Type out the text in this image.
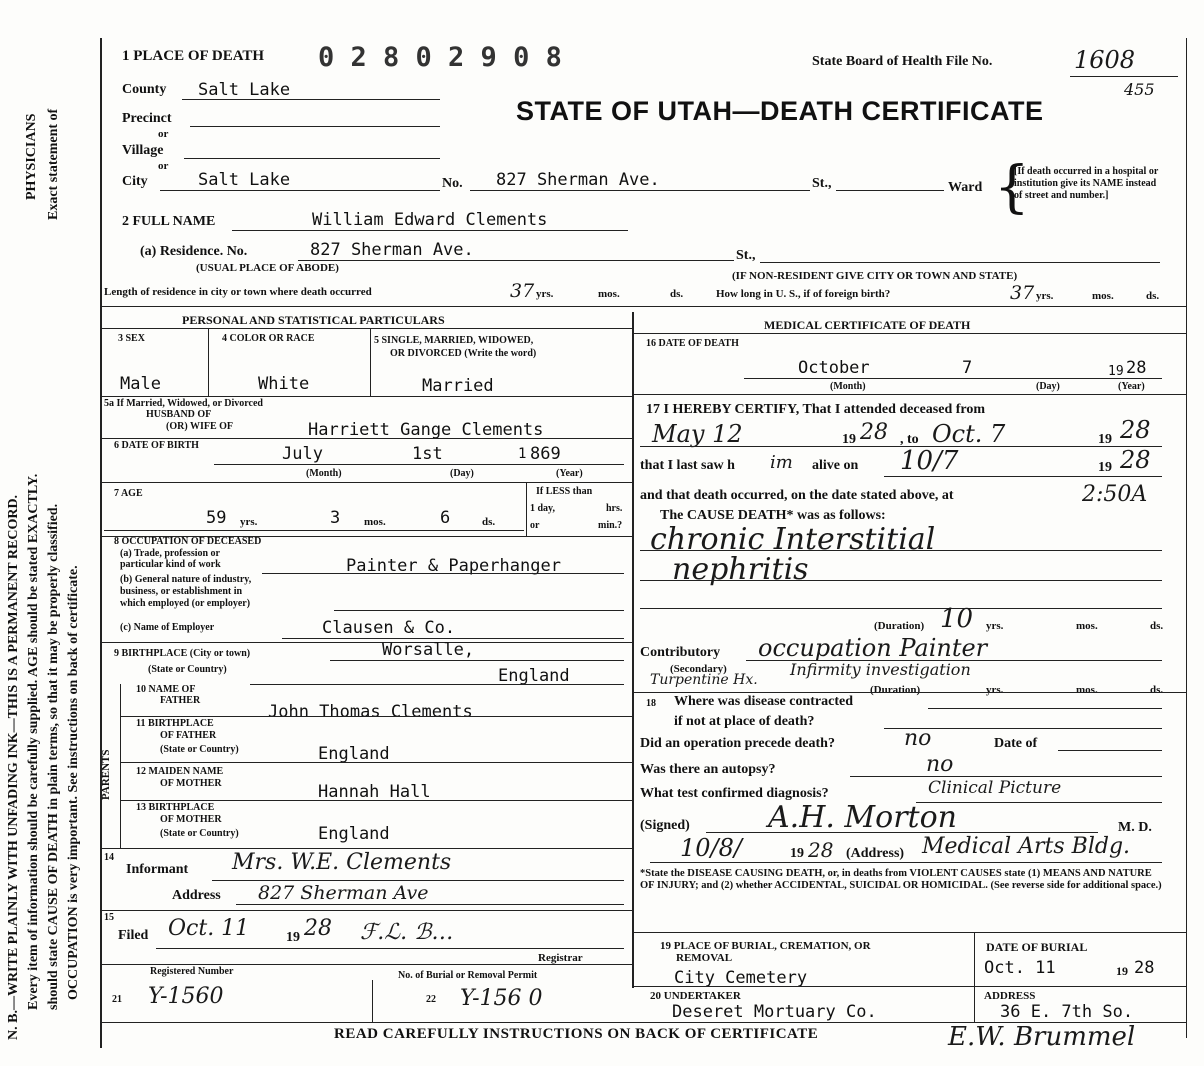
N. B.—WRITE PLAINLY WITH UNFADING INK—THIS IS A PERMANENT RECORD.
PHYSICIANS
Every item of information should be carefully supplied. AGE should be stated EXACTLY.
Exact statement of
should state CAUSE OF DEATH in plain terms, so that it may be properly classified. OCCUPATION is very important. See instructions on back of certificate.
1 PLACE OF DEATH 0 2 8 0 2 9 0 8	State Board of Health File No.	1608
455
STATE OF UTAH—DEATH CERTIFICATE
County Salt Lake
Precinct
or
Village
or
City	Salt Lake	No. 827 Sherman Ave.	St.,	Ward {
[If death occurred in a hospital or institution give its NAME instead of street and number.]
2 FULL NAME	William Edward Clements
(a) Residence. No.	827 Sherman Ave.	St.,
(USUAL PLACE OF ABODE)
(IF NON-RESIDENT GIVE CITY OR TOWN AND STATE)
Length of residence in city or town where death occurred	37 yrs.	mos.	ds.	How long in U. S., if of foreign birth?	37 yrs.	mos.	ds.
PERSONAL AND STATISTICAL PARTICULARS
3 SEX	4 COLOR OR RACE	5 SINGLE, MARRIED, WIDOWED,
OR DIVORCED (Write the word)
Male	White	Married
5a If Married, Widowed, or Divorced
HUSBAND OF
(OR) WIFE OF	Harriett Gange Clements
6 DATE OF BIRTH	July	1st	1 869
(Month)	(Day)	(Year)
7 AGE
59 yrs.	3 mos.	6	ds.
If LESS than
1 day,	hrs.
or	min.?
8 OCCUPATION OF DECEASED
(a) Trade, profession or
particular kind of work	Painter & Paperhanger
(b) General nature of industry,
business, or establishment in
which employed (or employer)
(c) Name of Employer	Clausen & Co.
9 BIRTHPLACE (City or town)	Worsalle,
(State or Country)	England
PARENTS
10 NAME OF
FATHER
John Thomas Clements
11 BIRTHPLACE
OF FATHER
(State or Country)	England
12 MAIDEN NAME
OF MOTHER	Hannah Hall
13 BIRTHPLACE
OF MOTHER
(State or Country)	England
14
Informant Mrs. W.E. Clements
Address 827 Sherman Ave
15
Filed Oct. 11	19 28 ℱ.ℒ. ℬ…
Registrar
Registered Number	No. of Burial or Removal Permit
21 Y-1560	22 Y-156 0
MEDICAL CERTIFICATE OF DEATH
16 DATE OF DEATH
October	7	19 28
(Month)	(Day)	(Year)
17 I HEREBY CERTIFY, That I attended deceased from
May 12	19 28 , to Oct. 7	19 28
that I last saw h im alive on 10/7	19 28
and that death occurred, on the date stated above, at	2:50A
The CAUSE DEATH* was as follows:
chronic Interstitial
nephritis
(Duration) 10 yrs.	mos.	ds.
Contributory occupation Painter
(Secondary)
Turpentine Hx.
Infirmity investigation
(Duration)	yrs.	mos.	ds.
18 Where was disease contracted
if not at place of death?
Did an operation precede death?	no	Date of
Was there an autopsy?	no
What test confirmed diagnosis?	Clinical Picture
(Signed)	A.H. Morton	M. D.
10/8/	19 28 (Address) Medical Arts Bldg.
*State the DISEASE CAUSING DEATH, or, in deaths from VIOLENT CAUSES state (1) MEANS AND NATURE OF INJURY; and (2) whether ACCIDENTAL, SUICIDAL OR HOMICIDAL. (See reverse side for additional space.)
19 PLACE OF BURIAL, CREMATION, OR
REMOVAL
City Cemetery
DATE OF BURIAL
Oct. 11	19 28
20 UNDERTAKER
Deseret Mortuary Co.
ADDRESS
36 E. 7th So.
READ CAREFULLY INSTRUCTIONS ON BACK OF CERTIFICATE	E.W. Brummel
